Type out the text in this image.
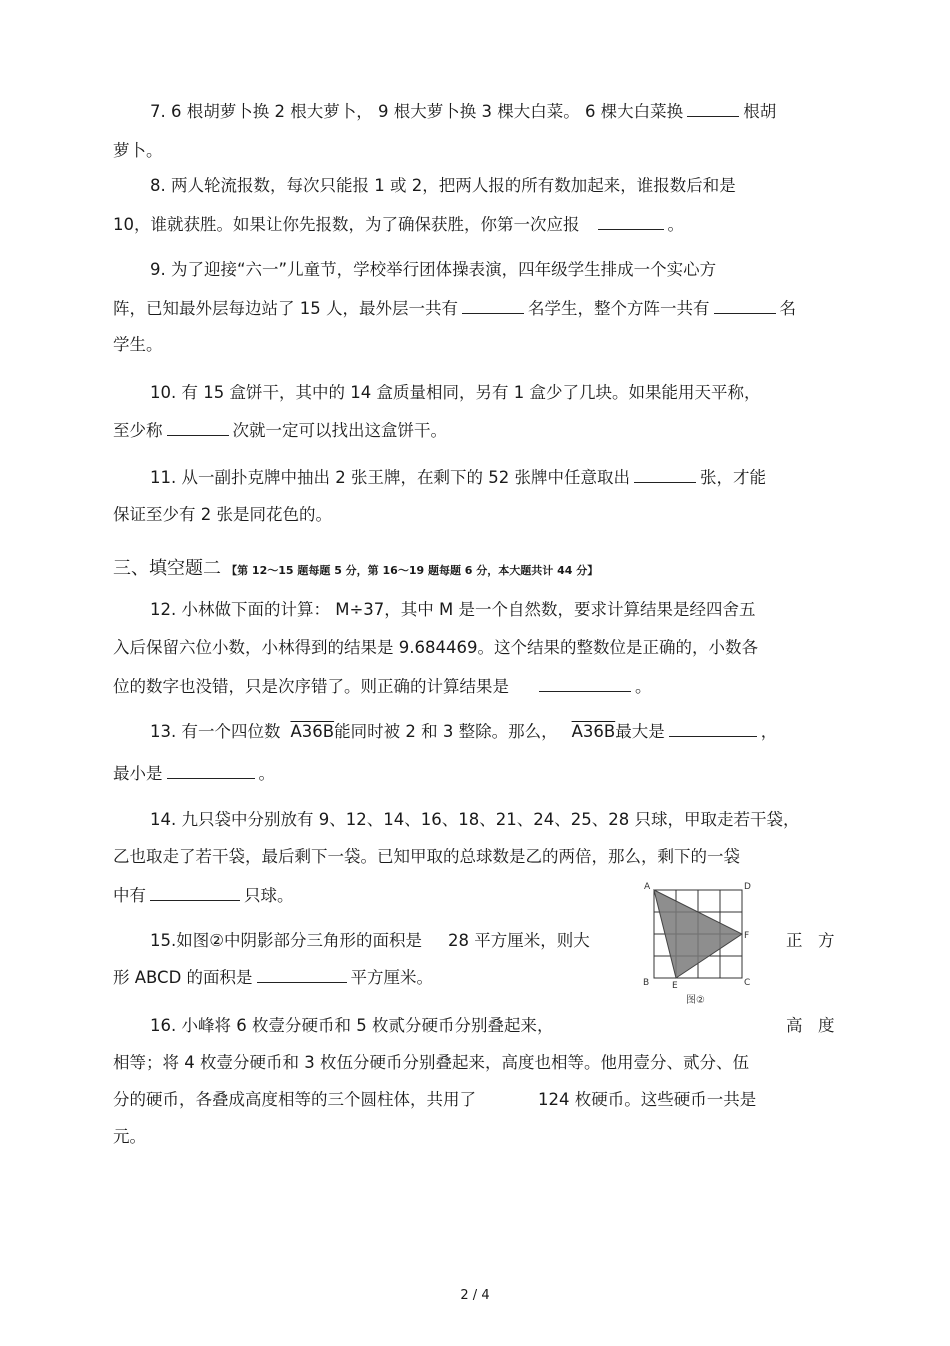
7. 6 根胡萝卜换 2 根大萝卜， 9 根大萝卜换 3 棵大白菜。 6 棵大白菜换	根胡
萝卜。
8. 两人轮流报数，每次只能报 1 或 2，把两人报的所有数加起来，谁报数后和是
10，谁就获胜。如果让你先报数，为了确保获胜，你第一次应报	。
9. 为了迎接“六一”儿童节，学校举行团体操表演，四年级学生排成一个实心方
阵，已知最外层每边站了 15 人，最外层一共有	名学生，整个方阵一共有	名
学生。
10. 有 15 盒饼干，其中的 14 盒质量相同，另有 1 盒少了几块。如果能用天平称，
至少称	次就一定可以找出这盒饼干。
11. 从一副扑克牌中抽出 2 张王牌，在剩下的 52 张牌中任意取出	张，才能
保证至少有 2 张是同花色的。
三、填空题二 【第 12～15 题每题 5 分，第 16～19 题每题 6 分，本大题共计 44 分】
12. 小林做下面的计算： M÷37，其中 M 是一个自然数，要求计算结果是经四舍五
入后保留六位小数，小林得到的结果是 9.684469。这个结果的整数位是正确的，小数各
位的数字也没错，只是次序错了。则正确的计算结果是	。
13. 有一个四位数 A36B能同时被 2 和 3 整除。那么， A36B最大是	，
最小是	。
14. 九只袋中分别放有 9、12、14、16、18、21、24、25、28 只球，甲取走若干袋，
乙也取走了若干袋，最后剩下一袋。已知甲取的总球数是乙的两倍，那么，剩下的一袋
中有	只球。
15.如图②中阴影部分三角形的面积是 28 平方厘米，则大	正 方
形 ABCD 的面积是	平方厘米。
A	D
B	C
E
F
图②
16. 小峰将 6 枚壹分硬币和 5 枚贰分硬币分别叠起来，	高 度
相等；将 4 枚壹分硬币和 3 枚伍分硬币分别叠起来，高度也相等。他用壹分、贰分、伍
分的硬币，各叠成高度相等的三个圆柱体，共用了	124 枚硬币。这些硬币一共是
元。
2 / 4
